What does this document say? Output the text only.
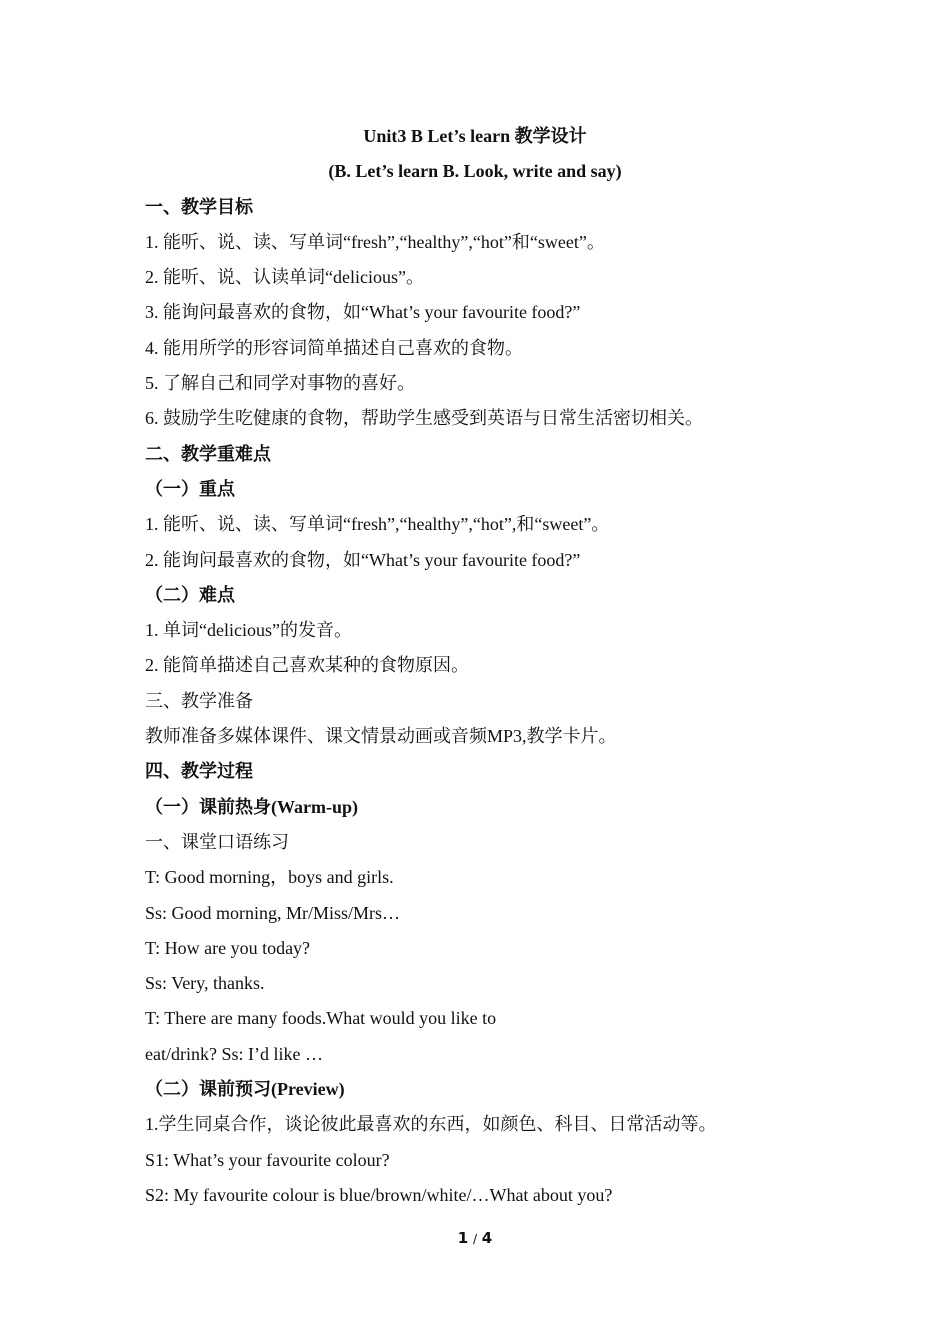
Unit3 B Let’s learn 教学设计
(B. Let’s learn B. Look, write and say)
一、教学目标
1. 能听、说、读、写单词“fresh”,“healthy”,“hot”和“sweet”。
2. 能听、说、认读单词“delicious”。
3. 能询问最喜欢的食物，如“What’s your favourite food?”
4. 能用所学的形容词简单描述自己喜欢的食物。
5. 了解自己和同学对事物的喜好。
6. 鼓励学生吃健康的食物，帮助学生感受到英语与日常生活密切相关。
二、教学重难点
（一）重点
1. 能听、说、读、写单词“fresh”,“healthy”,“hot”,和“sweet”。
2. 能询问最喜欢的食物，如“What’s your favourite food?”
（二）难点
1. 单词“delicious”的发音。
2. 能简单描述自己喜欢某种的食物原因。
三、教学准备
教师准备多媒体课件、课文情景动画或音频MP3,教学卡片。
四、教学过程
（一）课前热身(Warm-up)
一、课堂口语练习
T: Good morning，boys and girls.
Ss: Good morning, Mr/Miss/Mrs…
T: How are you today?
Ss: Very, thanks.
T: There are many foods.What would you like to
eat/drink? Ss: I’d like …
（二）课前预习(Preview)
1.学生同桌合作，谈论彼此最喜欢的东西，如颜色、科目、日常活动等。
S1: What’s your favourite colour?
S2: My favourite colour is blue/brown/white/…What about you?
1 / 4
